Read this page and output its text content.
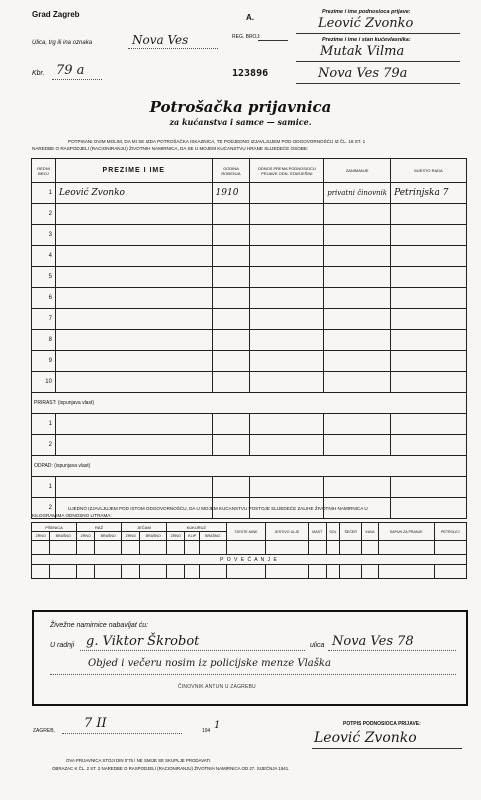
Grad Zagreb	A.
REG. BROJ:
Ulica, trg ili ina oznaka	Nova Ves
Kbr. 79 a	123896
Prezime i ime podnosioca prijave:
Leović Zvonko
Prezime i ime i stan kućevlasnika:
Mutak Vilma
Nova Ves 79a
Potrošačka prijavnica
za kućanstva i samce — samice.
POTPISANI OVIM MOLIM, DA MI SE IZDA POTROŠAČKA ISKAZNICA, TE PODJEDNO IZJAVLJUJEM POD ODGOVORNOŠĆU IZ ČL. 18 ST. 1
NAREDBE O RASPODJELI (RACIONIRANJU) ŽIVOTNIH NAMIRNICA, DA SE U MOJEM KUĆANSTVU HRANE SLIJEDEĆE OSOBE:
REDNI BROJ	PREZIME I IME	GODINA ROĐENJA	ODNOS PREMA PODNOSIOCU PRIJAVE ODN. STARJEŠINI	ZANIMANJE	MJESTO RADA
1	Leović Zvonko	1910		privatni činovnik	Petrinjska 7
2					
3					
4					
5					
6					
7					
8					
9					
10					
PRIRAST: (ispunjava vlast)					
1					
2					
ODPAD: (ispunjava vlast)					
1					
2						UJEDNO IZJAVLJUJEM POD ISTOM ODGOVORNOŠĆU, DA U MOJEM KUĆANSTVU POSTOJE SLIJEDEĆE ZALIHE ŽIVOTNIH NAMIRNICA U
KILOGRAMIMA ODNOSNO LITRAMA:
PŠENICA		RAŽ		JEČAM		KUKURUZ			TJESTE-NINE	JESTIVO ULJE	MAST	SOL	ŠEĆER	KAVA	SAPUN ZA PRANJE	PETROLEJ
ZRNO	BRAŠNO	ZRNO	BRAŠNO	ZRNO	BRAŠNO	ZRNO	KLIP	BRAŠNO								

P O V E Ć A N J E																

Živežne namirnice nabavljat ću:
U radnji g. Viktor Škrobot	ulica Nova Ves 78
Objed i večeru nosim iz policijske menze Vlaška
ČINOVNIK ANTUN U ZAGREBU
ZAGREB, 7 II	194 1	POTPIS PODNOSIOCA PRIJAVE:
Leović Zvonko
OVA PRIJAVNICA STOJI DIN 0'75 I NE SMIJE SE SKUPLJE PRODAVATI.
OBRAZAC K ČL. 2 ST. 2 NAREDBE O RASPODJELI (RACIONIRANJU) ŽIVOTNIH NAMIRNICA OD 27. SIJEČNJA 1941.
